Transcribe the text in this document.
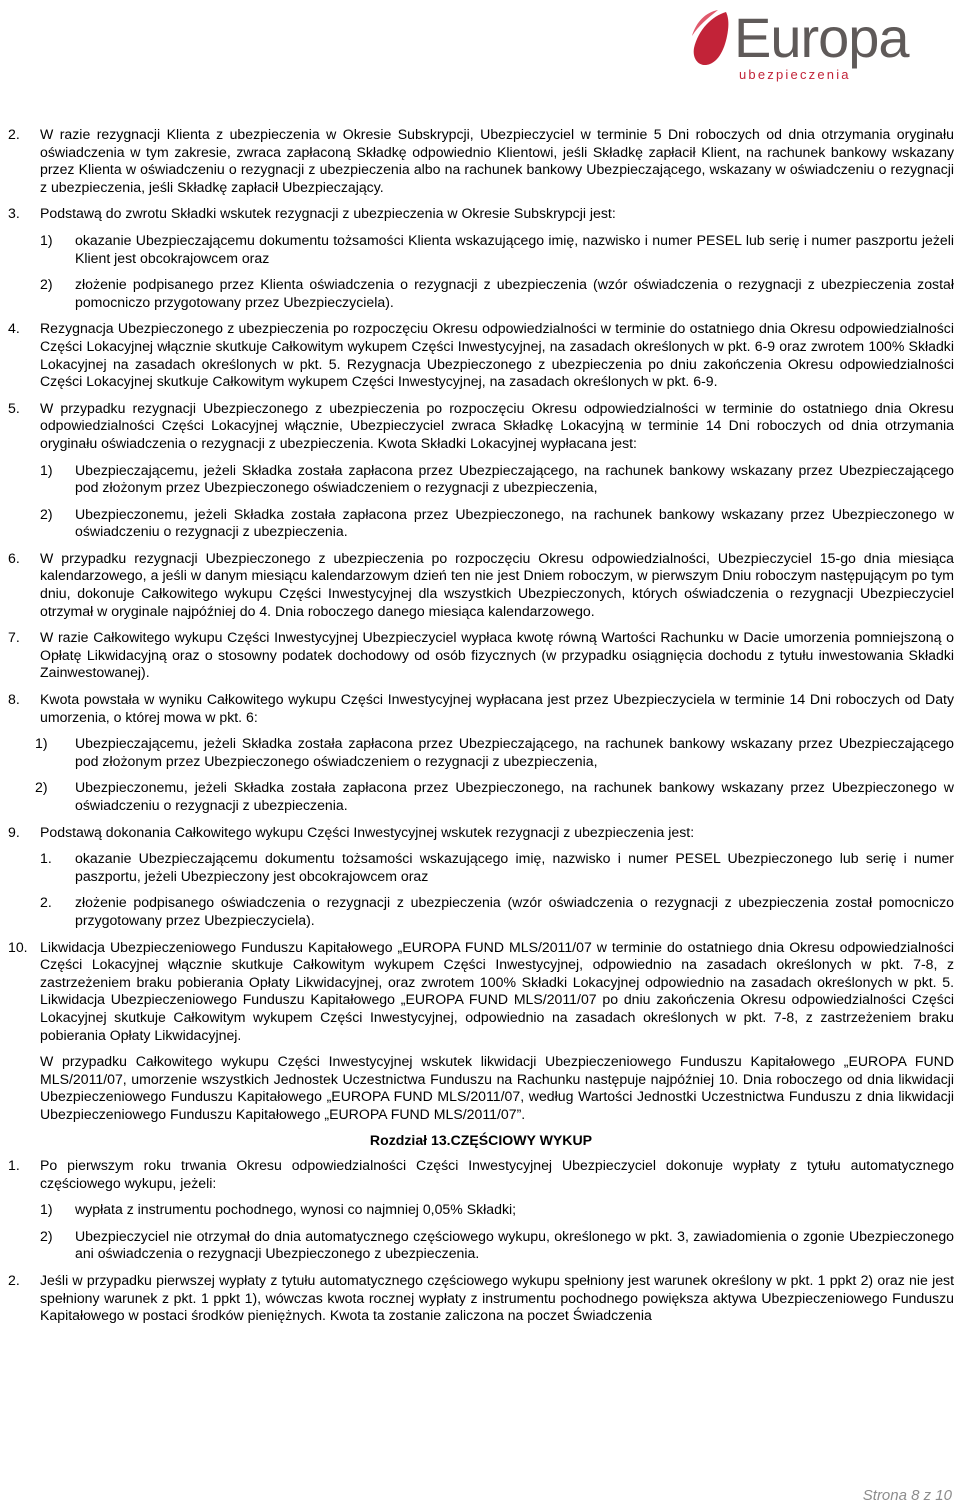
Europa
ubezpieczenia
2. W razie rezygnacji Klienta z ubezpieczenia w Okresie Subskrypcji, Ubezpieczyciel w terminie 5 Dni roboczych od dnia otrzymania oryginału oświadczenia w tym zakresie, zwraca zapłaconą Składkę odpowiednio Klientowi, jeśli Składkę zapłacił Klient, na rachunek bankowy wskazany przez Klienta w oświadczeniu o rezygnacji z ubezpieczenia albo na rachunek bankowy Ubezpieczającego, wskazany w oświadczeniu o rezygnacji z ubezpieczenia, jeśli Składkę zapłacił Ubezpieczający.
3. Podstawą do zwrotu Składki wskutek rezygnacji z ubezpieczenia w Okresie Subskrypcji jest:
1) okazanie Ubezpieczającemu dokumentu tożsamości Klienta wskazującego imię, nazwisko i numer PESEL lub serię i numer paszportu jeżeli Klient jest obcokrajowcem oraz
2) złożenie podpisanego przez Klienta oświadczenia o rezygnacji z ubezpieczenia (wzór oświadczenia o rezygnacji z ubezpieczenia został pomocniczo przygotowany przez Ubezpieczyciela).
4. Rezygnacja Ubezpieczonego z ubezpieczenia po rozpoczęciu Okresu odpowiedzialności w terminie do ostatniego dnia Okresu odpowiedzialności Części Lokacyjnej włącznie skutkuje Całkowitym wykupem Części Inwestycyjnej, na zasadach określonych w pkt. 6-9 oraz zwrotem 100% Składki Lokacyjnej na zasadach określonych w pkt. 5. Rezygnacja Ubezpieczonego z ubezpieczenia po dniu zakończenia Okresu odpowiedzialności Części Lokacyjnej skutkuje Całkowitym wykupem Części Inwestycyjnej, na zasadach określonych w pkt. 6-9.
5. W przypadku rezygnacji Ubezpieczonego z ubezpieczenia po rozpoczęciu Okresu odpowiedzialności w terminie do ostatniego dnia Okresu odpowiedzialności Części Lokacyjnej włącznie, Ubezpieczyciel zwraca Składkę Lokacyjną w terminie 14 Dni roboczych od dnia otrzymania oryginału oświadczenia o rezygnacji z ubezpieczenia. Kwota Składki Lokacyjnej wypłacana jest:
1) Ubezpieczającemu, jeżeli Składka została zapłacona przez Ubezpieczającego, na rachunek bankowy wskazany przez Ubezpieczającego pod złożonym przez Ubezpieczonego oświadczeniem o rezygnacji z ubezpieczenia,
2) Ubezpieczonemu, jeżeli Składka została zapłacona przez Ubezpieczonego, na rachunek bankowy wskazany przez Ubezpieczonego w oświadczeniu o rezygnacji z ubezpieczenia.
6. W przypadku rezygnacji Ubezpieczonego z ubezpieczenia po rozpoczęciu Okresu odpowiedzialności, Ubezpieczyciel 15-go dnia miesiąca kalendarzowego, a jeśli w danym miesiącu kalendarzowym dzień ten nie jest Dniem roboczym, w pierwszym Dniu roboczym następującym po tym dniu, dokonuje Całkowitego wykupu Części Inwestycyjnej dla wszystkich Ubezpieczonych, których oświadczenia o rezygnacji Ubezpieczyciel otrzymał w oryginale najpóźniej do 4. Dnia roboczego danego miesiąca kalendarzowego.
7. W razie Całkowitego wykupu Części Inwestycyjnej Ubezpieczyciel wypłaca kwotę równą Wartości Rachunku w Dacie umorzenia pomniejszoną o Opłatę Likwidacyjną oraz o stosowny podatek dochodowy od osób fizycznych (w przypadku osiągnięcia dochodu z tytułu inwestowania Składki Zainwestowanej).
8. Kwota powstała w wyniku Całkowitego wykupu Części Inwestycyjnej wypłacana jest przez Ubezpieczyciela w terminie 14 Dni roboczych od Daty umorzenia, o której mowa w pkt. 6:
1) Ubezpieczającemu, jeżeli Składka została zapłacona przez Ubezpieczającego, na rachunek bankowy wskazany przez Ubezpieczającego pod złożonym przez Ubezpieczonego oświadczeniem o rezygnacji z ubezpieczenia,
2) Ubezpieczonemu, jeżeli Składka została zapłacona przez Ubezpieczonego, na rachunek bankowy wskazany przez Ubezpieczonego w oświadczeniu o rezygnacji z ubezpieczenia.
9. Podstawą dokonania Całkowitego wykupu Części Inwestycyjnej wskutek rezygnacji z ubezpieczenia jest:
1. okazanie Ubezpieczającemu dokumentu tożsamości wskazującego imię, nazwisko i numer PESEL Ubezpieczonego lub serię i numer paszportu, jeżeli Ubezpieczony jest obcokrajowcem oraz
2. złożenie podpisanego oświadczenia o rezygnacji z ubezpieczenia (wzór oświadczenia o rezygnacji z ubezpieczenia został pomocniczo przygotowany przez Ubezpieczyciela).
10. Likwidacja Ubezpieczeniowego Funduszu Kapitałowego „EUROPA FUND MLS/2011/07 w terminie do ostatniego dnia Okresu odpowiedzialności Części Lokacyjnej włącznie skutkuje Całkowitym wykupem Części Inwestycyjnej, odpowiednio na zasadach określonych w pkt. 7-8, z zastrzeżeniem braku pobierania Opłaty Likwidacyjnej, oraz zwrotem 100% Składki Lokacyjnej odpowiednio na zasadach określonych w pkt. 5. Likwidacja Ubezpieczeniowego Funduszu Kapitałowego „EUROPA FUND MLS/2011/07 po dniu zakończenia Okresu odpowiedzialności Części Lokacyjnej skutkuje Całkowitym wykupem Części Inwestycyjnej, odpowiednio na zasadach określonych w pkt. 7-8, z zastrzeżeniem braku pobierania Opłaty Likwidacyjnej.
W przypadku Całkowitego wykupu Części Inwestycyjnej wskutek likwidacji Ubezpieczeniowego Funduszu Kapitałowego „EUROPA FUND MLS/2011/07, umorzenie wszystkich Jednostek Uczestnictwa Funduszu na Rachunku następuje najpóźniej 10. Dnia roboczego od dnia likwidacji Ubezpieczeniowego Funduszu Kapitałowego „EUROPA FUND MLS/2011/07, według Wartości Jednostki Uczestnictwa Funduszu z dnia likwidacji Ubezpieczeniowego Funduszu Kapitałowego „EUROPA FUND MLS/2011/07”.
Rozdział 13.CZĘŚCIOWY WYKUP
1. Po pierwszym roku trwania Okresu odpowiedzialności Części Inwestycyjnej Ubezpieczyciel dokonuje wypłaty z tytułu automatycznego częściowego wykupu, jeżeli:
1) wypłata z instrumentu pochodnego, wynosi co najmniej 0,05% Składki;
2) Ubezpieczyciel nie otrzymał do dnia automatycznego częściowego wykupu, określonego w pkt. 3, zawiadomienia o zgonie Ubezpieczonego ani oświadczenia o rezygnacji Ubezpieczonego z ubezpieczenia.
2. Jeśli w przypadku pierwszej wypłaty z tytułu automatycznego częściowego wykupu spełniony jest warunek określony w pkt. 1 ppkt 2) oraz nie jest spełniony warunek z pkt. 1 ppkt 1), wówczas kwota rocznej wypłaty z instrumentu pochodnego powiększa aktywa Ubezpieczeniowego Funduszu Kapitałowego w postaci środków pieniężnych. Kwota ta zostanie zaliczona na poczet Świadczenia
Strona 8 z 10
